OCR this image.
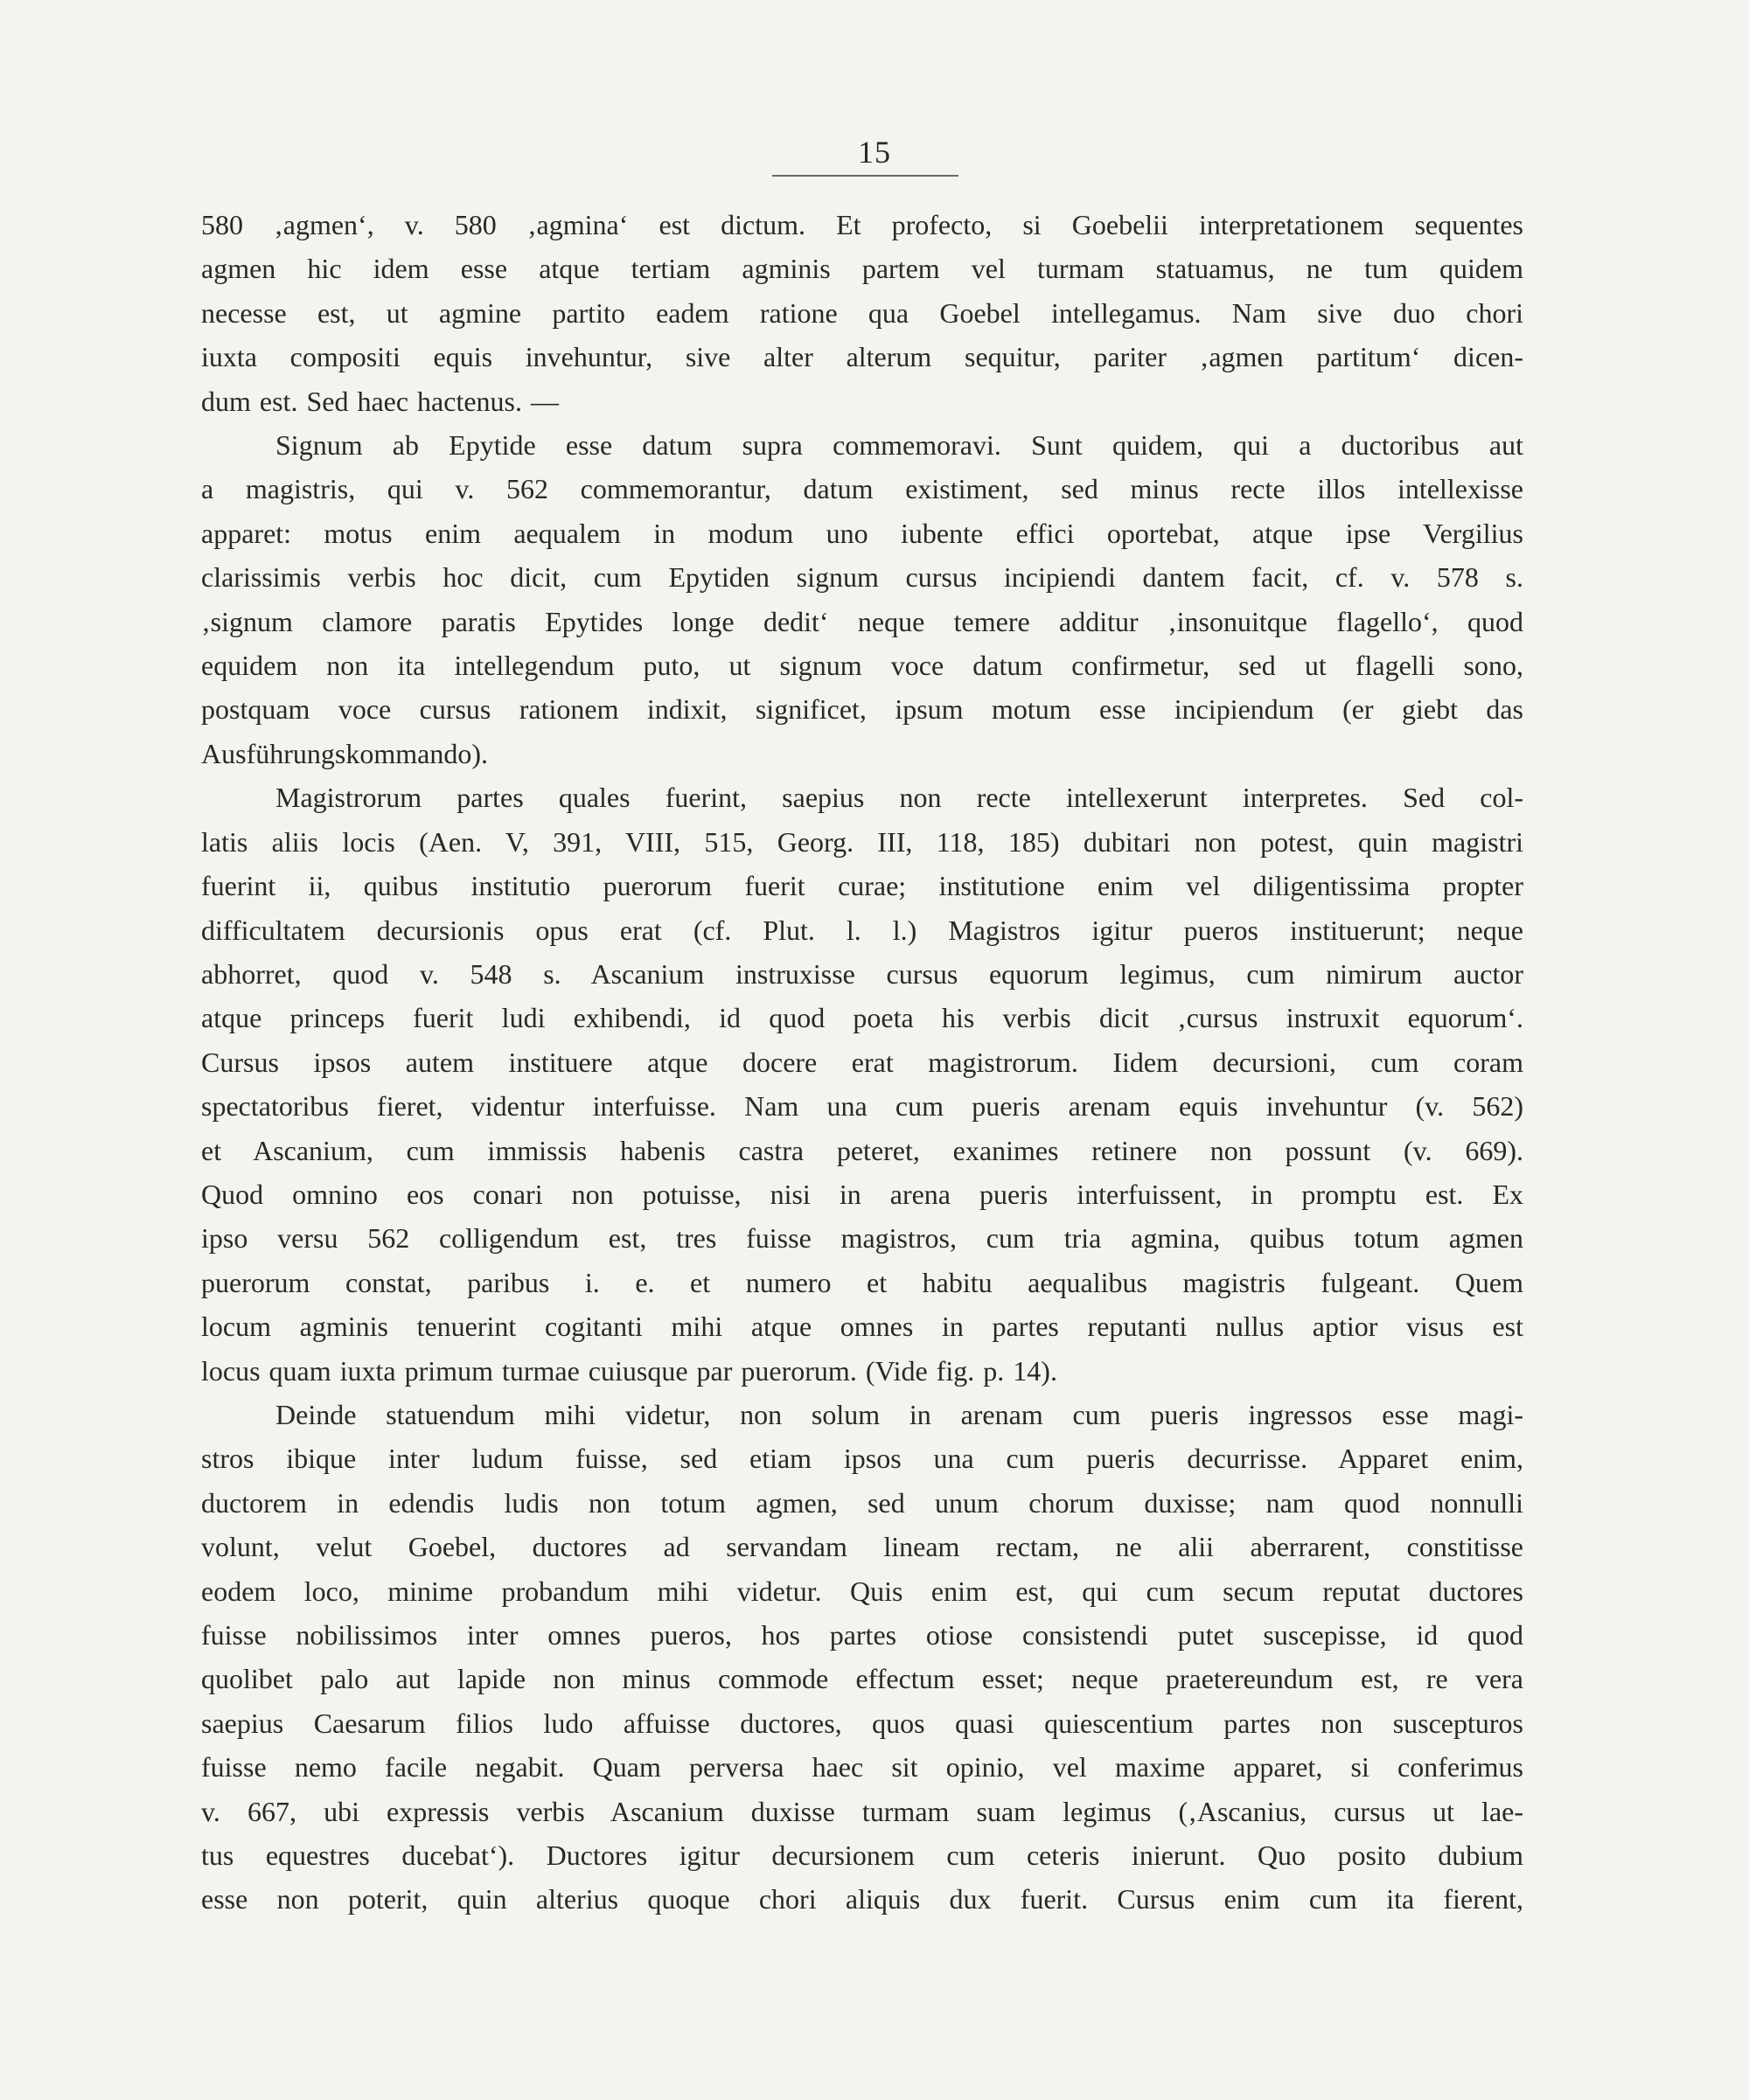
15

580 ‚agmen‘, v. 580 ‚agmina‘ est dictum. Et profecto, si Goebelii interpretationem sequentes
agmen hic idem esse atque tertiam agminis partem vel turmam statuamus, ne tum quidem
necesse est, ut agmine partito eadem ratione qua Goebel intellegamus. Nam sive duo chori
iuxta compositi equis invehuntur, sive alter alterum sequitur, pariter ‚agmen partitum‘ dicen-
dum est. Sed haec hactenus. —

Signum ab Epytide esse datum supra commemoravi. Sunt quidem, qui a ductoribus aut
a magistris, qui v. 562 commemorantur, datum existiment, sed minus recte illos intellexisse
apparet: motus enim aequalem in modum uno iubente effici oportebat, atque ipse Vergilius
clarissimis verbis hoc dicit, cum Epytiden signum cursus incipiendi dantem facit, cf. v. 578 s.
‚signum clamore paratis Epytides longe dedit‘ neque temere additur ‚insonuitque flagello‘, quod
equidem non ita intellegendum puto, ut signum voce datum confirmetur, sed ut flagelli sono,
postquam voce cursus rationem indixit, significet, ipsum motum esse incipiendum (er giebt das
Ausführungskommando).

Magistrorum partes quales fuerint, saepius non recte intellexerunt interpretes. Sed col-
latis aliis locis (Aen. V, 391, VIII, 515, Georg. III, 118, 185) dubitari non potest, quin magistri
fuerint ii, quibus institutio puerorum fuerit curae; institutione enim vel diligentissima propter
difficultatem decursionis opus erat (cf. Plut. l. l.) Magistros igitur pueros instituerunt; neque
abhorret, quod v. 548 s. Ascanium instruxisse cursus equorum legimus, cum nimirum auctor
atque princeps fuerit ludi exhibendi, id quod poeta his verbis dicit ‚cursus instruxit equorum‘.
Cursus ipsos autem instituere atque docere erat magistrorum. Iidem decursioni, cum coram
spectatoribus fieret, videntur interfuisse. Nam una cum pueris arenam equis invehuntur (v. 562)
et Ascanium, cum immissis habenis castra peteret, exanimes retinere non possunt (v. 669).
Quod omnino eos conari non potuisse, nisi in arena pueris interfuissent, in promptu est. Ex
ipso versu 562 colligendum est, tres fuisse magistros, cum tria agmina, quibus totum agmen
puerorum constat, paribus i. e. et numero et habitu aequalibus magistris fulgeant. Quem
locum agminis tenuerint cogitanti mihi atque omnes in partes reputanti nullus aptior visus est
locus quam iuxta primum turmae cuiusque par puerorum. (Vide fig. p. 14).

Deinde statuendum mihi videtur, non solum in arenam cum pueris ingressos esse magi-
stros ibique inter ludum fuisse, sed etiam ipsos una cum pueris decurrisse. Apparet enim,
ductorem in edendis ludis non totum agmen, sed unum chorum duxisse; nam quod nonnulli
volunt, velut Goebel, ductores ad servandam lineam rectam, ne alii aberrarent, constitisse
eodem loco, minime probandum mihi videtur. Quis enim est, qui cum secum reputat ductores
fuisse nobilissimos inter omnes pueros, hos partes otiose consistendi putet suscepisse, id quod
quolibet palo aut lapide non minus commode effectum esset; neque praetereundum est, re vera
saepius Caesarum filios ludo affuisse ductores, quos quasi quiescentium partes non suscepturos
fuisse nemo facile negabit. Quam perversa haec sit opinio, vel maxime apparet, si conferimus
v. 667, ubi expressis verbis Ascanium duxisse turmam suam legimus (‚Ascanius, cursus ut lae-
tus equestres ducebat‘). Ductores igitur decursionem cum ceteris inierunt. Quo posito dubium
esse non poterit, quin alterius quoque chori aliquis dux fuerit. Cursus enim cum ita fierent,
